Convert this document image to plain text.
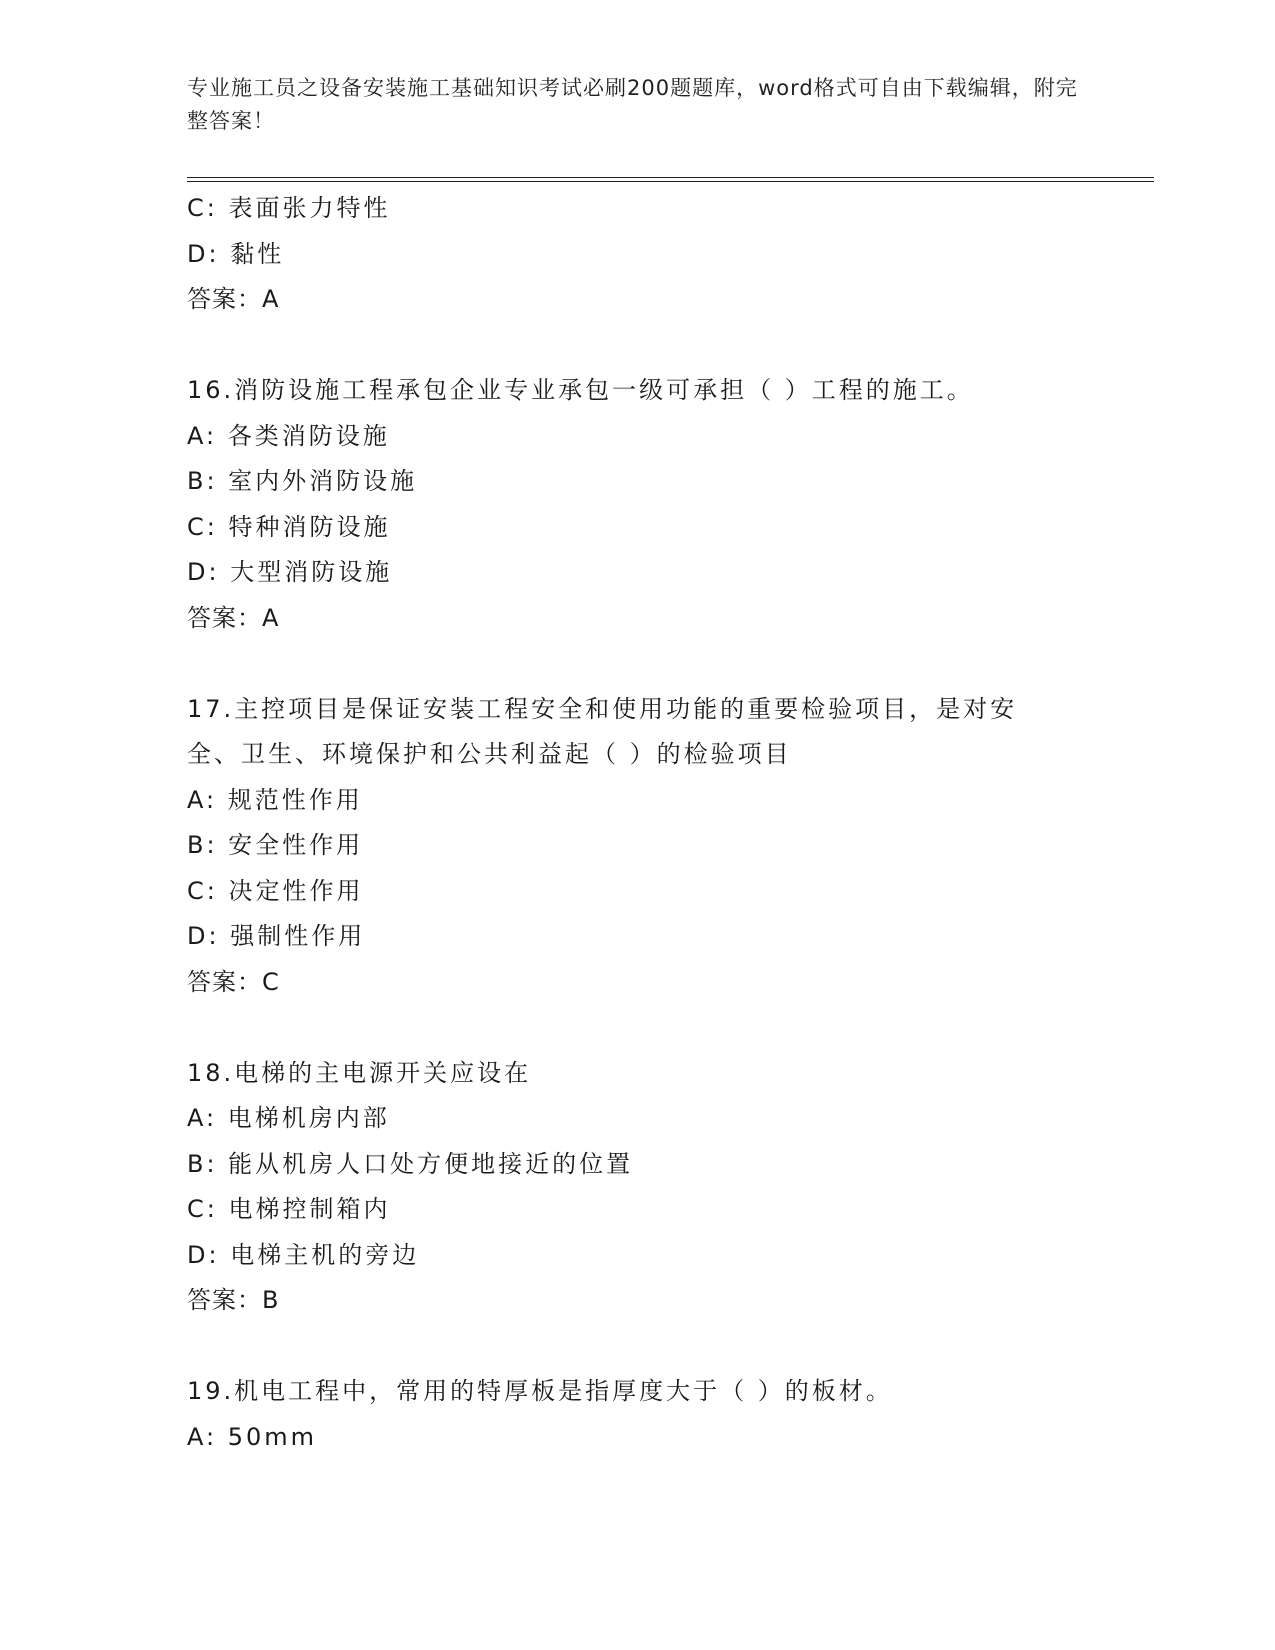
专业施工员之设备安装施工基础知识考试必刷200题题库，word格式可自由下载编辑，附完整答案！
C: 表面张力特性
D: 黏性
答案：A
16.消防设施工程承包企业专业承包一级可承担（ ）工程的施工。
A: 各类消防设施
B: 室内外消防设施
C: 特种消防设施
D: 大型消防设施
答案：A
17.主控项目是保证安装工程安全和使用功能的重要检验项目，是对安
全、卫生、环境保护和公共利益起（ ）的检验项目
A: 规范性作用
B: 安全性作用
C: 决定性作用
D: 强制性作用
答案：C
18.电梯的主电源开关应设在
A: 电梯机房内部
B: 能从机房人口处方便地接近的位置
C: 电梯控制箱内
D: 电梯主机的旁边
答案：B
19.机电工程中，常用的特厚板是指厚度大于（ ）的板材。
A: 50mm
